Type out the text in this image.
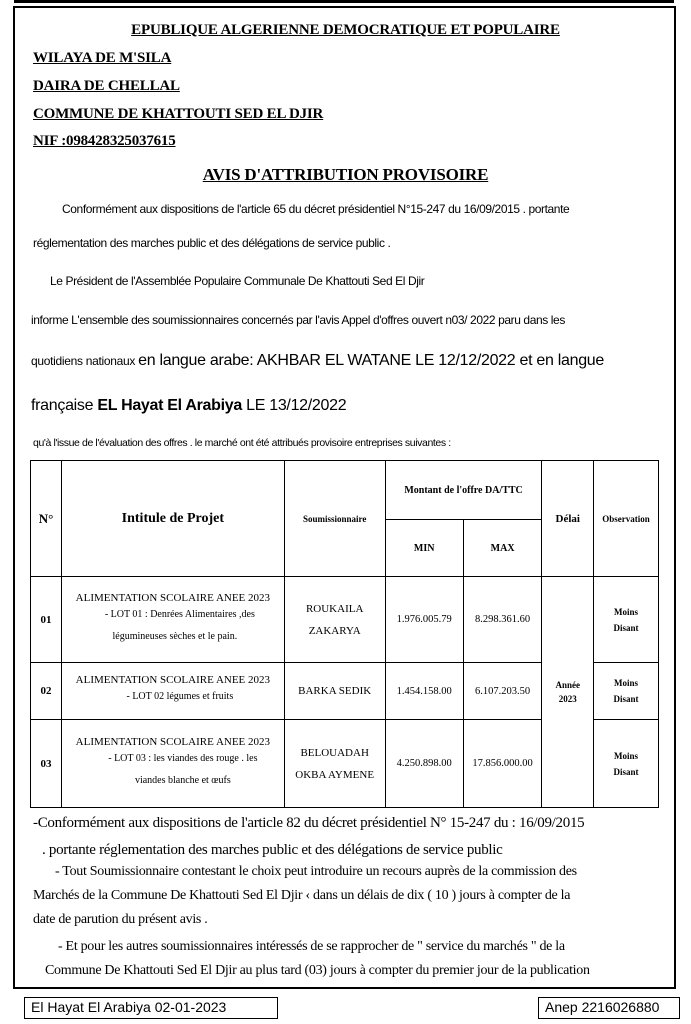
EPUBLIQUE ALGERIENNE DEMOCRATIQUE ET POPULAIRE
WILAYA DE M'SILA
DAIRA DE CHELLAL
COMMUNE DE KHATTOUTI SED EL DJIR
NIF :098428325037615
AVIS D'ATTRIBUTION PROVISOIRE
Conformément aux dispositions de l'article 65 du décret présidentiel N°15-247 du 16/09/2015 . portante
réglementation des marches public et des délégations de service public .
Le Président de l'Assemblée Populaire Communale De Khattouti Sed El Djir
informe L'ensemble des soumissionnaires concernés par l'avis Appel d'offres ouvert n03/ 2022 paru dans les
quotidiens nationaux en langue arabe: AKHBAR EL WATANE LE 12/12/2022 et en langue
française EL Hayat El Arabiya LE 13/12/2022
qu'à l'issue de l'évaluation des offres . le marché ont été attribués provisoire entreprises suivantes :
N°	Intitule de Projet	Soumissionnaire	Montant de l'offre DA/TTC		Délai	Observation
			MIN	MAX		
01	ALIMENTATION SCOLAIRE ANEE 2023
- LOT 01 : Denrées Alimentaires ,des
légumineuses sèches et le pain.	ROUKAILA
ZAKARYA	1.976.005.79	8.298.361.60	Année
2023	Moins
Disant
02	ALIMENTATION SCOLAIRE ANEE 2023
- LOT 02 légumes et fruits	BARKA SEDIK	1.454.158.00	6.107.203.50		Moins
Disant
03	ALIMENTATION SCOLAIRE ANEE 2023
- LOT 03 : les viandes des rouge . les
viandes blanche et œufs	BELOUADAH
OKBA AYMENE	4.250.898.00	17.856.000.00		Moins
Disant
-Conformément aux dispositions de l'article 82 du décret présidentiel N° 15-247 du : 16/09/2015
. portante réglementation des marches public et des délégations de service public
- Tout Soumissionnaire contestant le choix peut introduire un recours auprès de la commission des
Marchés de la Commune De Khattouti Sed El Djir ‹ dans un délais de dix ( 10 ) jours à compter de la
date de parution du présent avis .
- Et pour les autres soumissionnaires intéressés de se rapprocher de " service du marchés " de la
Commune De Khattouti Sed El Djir au plus tard (03) jours à compter du premier jour de la publication
El Hayat El Arabiya 02-01-2023	Anep 2216026880
